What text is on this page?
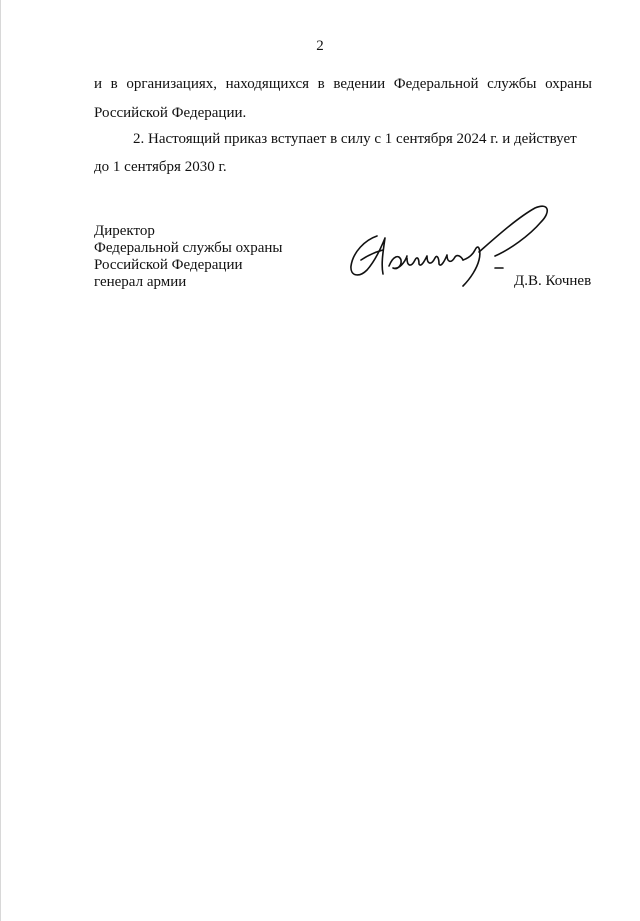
2
и в организациях, находящихся в ведении Федеральной службы охраны
Российской Федерации.
2. Настоящий приказ вступает в силу с 1 сентября 2024 г. и действует
до 1 сентября 2030 г.
Директор
Федеральной службы охраны
Российской Федерации
генерал армии	Д.В. Кочнев
